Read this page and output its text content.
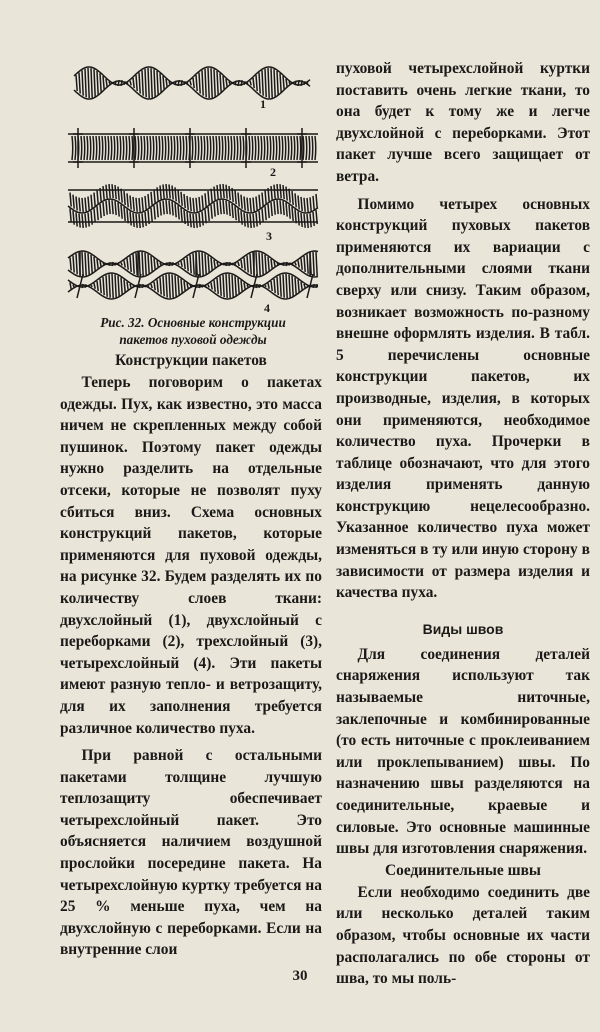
1
2
3
4

Рис. 32. Основные конструкции

пакетов пуховой одежды

Конструкции пакетов

Теперь поговорим о пакетах одежды. Пух, как известно, это масса ничем не скрепленных между собой пушинок. Поэтому пакет одежды нужно разделить на отдельные отсеки, которые не позволят пуху сбиться вниз. Схема основных конструкций пакетов, которые применяются для пуховой одежды, на рисунке 32. Будем разделять их по количеству слоев ткани: двухслойный (1), двухслойный с переборками (2), трехслойный (3), четырехслойный (4). Эти пакеты имеют разную тепло- и ветрозащиту, для их заполнения требуется различное количество пуха.

При равной с остальными пакетами толщине лучшую теплозащиту обеспечивает четырехслойный пакет. Это объясняется наличием воздушной прослойки посередине пакета. На четырехслойную куртку требуется на 25 % меньше пуха, чем на двухслойную с переборками. Если на внутренние слои

пуховой четырехслойной куртки поставить очень легкие ткани, то она будет к тому же и легче двухслойной с переборками. Этот пакет лучше всего защищает от ветра.

Помимо четырех основных конструкций пуховых пакетов применяются их вариации с дополнительными слоями ткани сверху или снизу. Таким образом, возникает возможность по-разному внешне оформлять изделия. В табл. 5 перечислены основные конструкции пакетов, их производные, изделия, в которых они применяются, необходимое количество пуха. Прочерки в таблице обозначают, что для этого изделия применять данную конструкцию нецелесообразно. Указанное количество пуха может изменяться в ту или иную сторону в зависимости от размера изделия и качества пуха.

Виды швов

Для соединения деталей снаряжения используют так называемые ниточные, заклепочные и комбинированные (то есть ниточные с проклеиванием или проклепыванием) швы. По назначению швы разделяются на соединительные, краевые и силовые. Это основные машинные швы для изготовления снаряжения.

Соединительные швы

Если необходимо соединить две или несколько деталей таким образом, чтобы основные их части располагались по обе стороны от шва, то мы поль-

30
